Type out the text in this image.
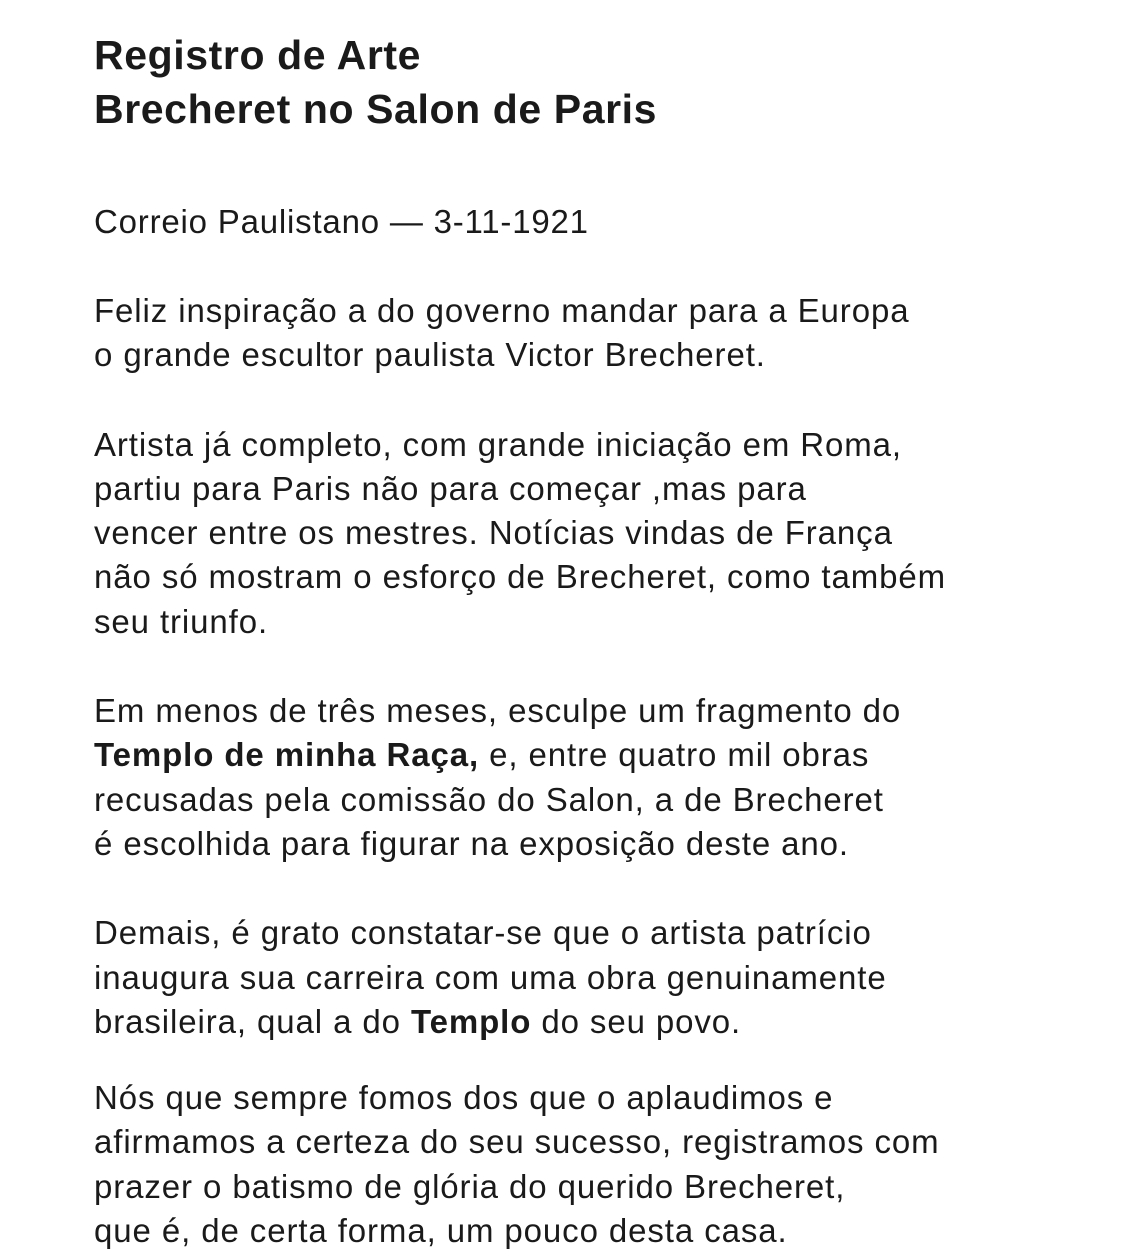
Registro de Arte
Brecheret no Salon de Paris

Correio Paulistano — 3-11-1921

Feliz inspiração a do governo mandar para a Europa
o grande escultor paulista Victor Brecheret.

Artista já completo, com grande iniciação em Roma,
partiu para Paris não para começar ,mas para
vencer entre os mestres. Notícias vindas de França
não só mostram o esforço de Brecheret, como também
seu triunfo.

Em menos de três meses, esculpe um fragmento do
Templo de minha Raça, e, entre quatro mil obras
recusadas pela comissão do Salon, a de Brecheret
é escolhida para figurar na exposição deste ano.

Demais, é grato constatar-se que o artista patrício
inaugura sua carreira com uma obra genuinamente
brasileira, qual a do Templo do seu povo.

Nós que sempre fomos dos que o aplaudimos e
afirmamos a certeza do seu sucesso, registramos com
prazer o batismo de glória do querido Brecheret,
que é, de certa forma, um pouco desta casa.
